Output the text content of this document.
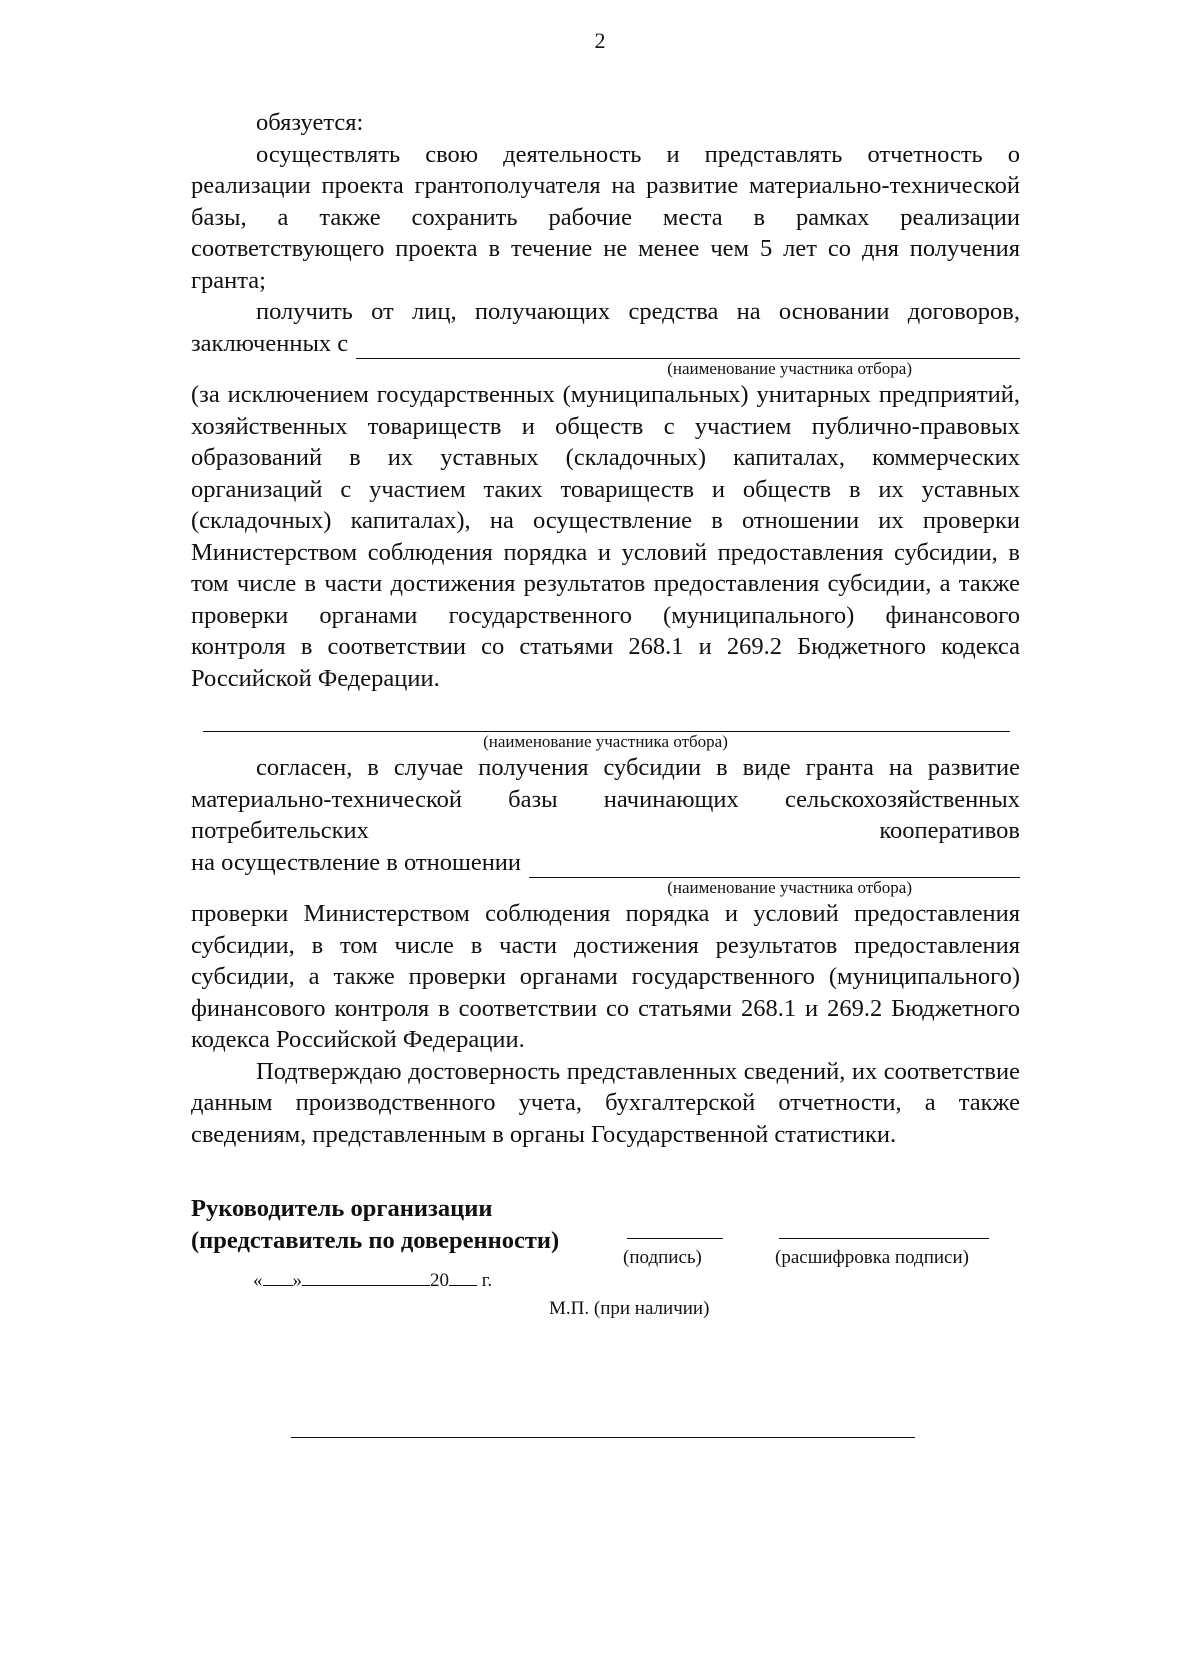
2

обязуется:

осуществлять свою деятельность и представлять отчетность о реализации проекта грантополучателя на развитие материально-технической базы, а также сохранить рабочие места в рамках реализации соответствующего проекта в течение не менее чем 5 лет со дня получения гранта;

получить от лиц, получающих средства на основании договоров,

заключенных с

(наименование участника отбора)

(за исключением государственных (муниципальных) унитарных предприятий, хозяйственных товариществ и обществ с участием публично-правовых образований в их уставных (складочных) капиталах, коммерческих организаций с участием таких товариществ и обществ в их уставных (складочных) капиталах), на осуществление в отношении их проверки Министерством соблюдения порядка и условий предоставления субсидии, в том числе в части достижения результатов предоставления субсидии, а также проверки органами государственного (муниципального) финансового контроля в соответствии со статьями 268.1 и 269.2 Бюджетного кодекса Российской Федерации.

(наименование участника отбора)

согласен, в случае получения субсидии в виде гранта на развитие материально-технической базы начинающих сельскохозяйственных потребительских кооперативов

на осуществление в отношении

(наименование участника отбора)

проверки Министерством соблюдения порядка и условий предоставления субсидии, в том числе в части достижения результатов предоставления субсидии, а также проверки органами государственного (муниципального) финансового контроля в соответствии со статьями 268.1 и 269.2 Бюджетного кодекса Российской Федерации.

Подтверждаю достоверность представленных сведений, их соответствие данным производственного учета, бухгалтерской отчетности, а также сведениям, представленным в органы Государственной статистики.

Руководитель организации

(представитель по доверенности)

(подпись)	(расшифровка подписи)
« »	20 г.
М.П. (при наличии)
